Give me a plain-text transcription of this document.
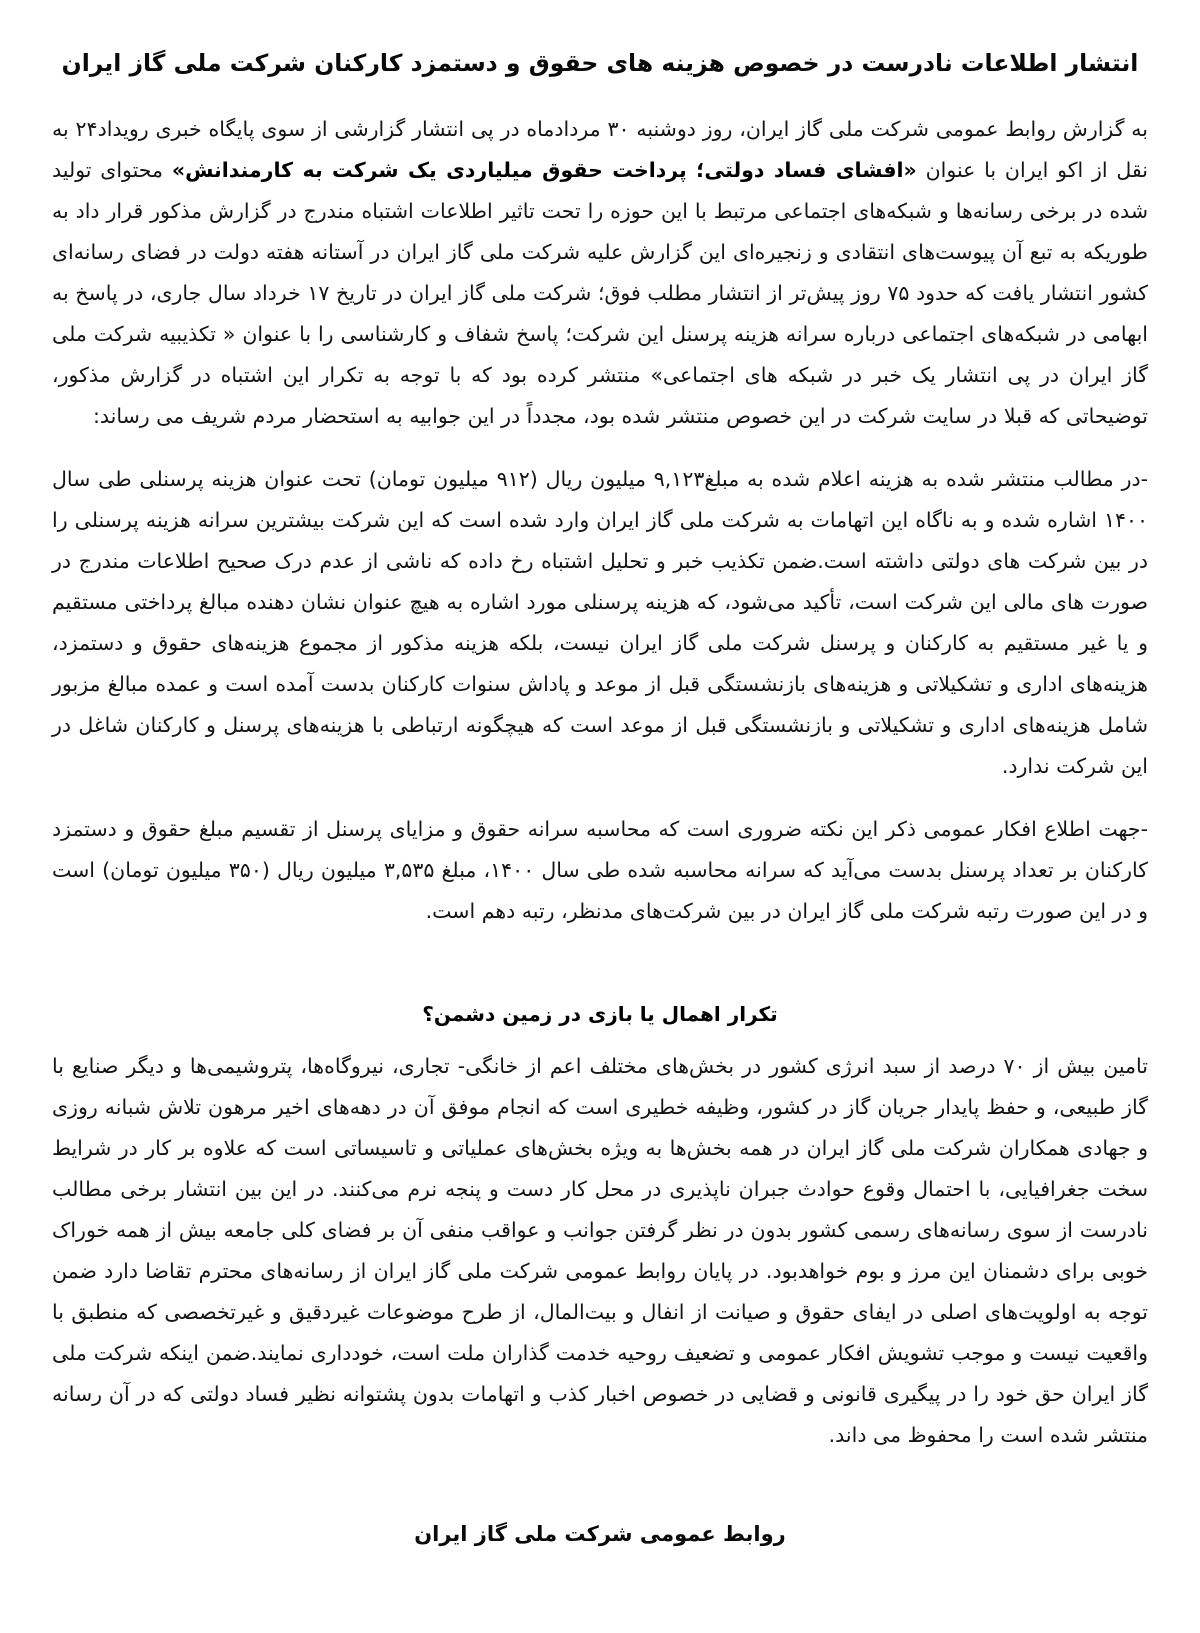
انتشار اطلاعات نادرست در خصوص هزینه های حقوق و دستمزد کارکنان شرکت ملی گاز ایران

به گزارش روابط عمومی شرکت ملی گاز ایران، روز دوشنبه ۳۰ مردادماه در پی انتشار گزارشی از سوی پایگاه خبری رویداد۲۴ به نقل از اکو ایران با عنوان «افشای فساد دولتی؛ پرداخت حقوق میلیاردی یک شرکت به کارمندانش» محتوای تولید شده در برخی رسانه‌ها و شبکه‌های اجتماعی مرتبط با این حوزه را تحت تاثیر اطلاعات اشتباه مندرج در گزارش مذکور قرار داد به طوریکه به تبع آن پیوست‌های انتقادی و زنجیره‌ای این گزارش علیه شرکت ملی گاز ایران در آستانه هفته دولت در فضای رسانه‌ای کشور انتشار یافت که حدود ۷۵ روز پیش‌تر از انتشار مطلب فوق؛ شرکت ملی گاز ایران در تاریخ ۱۷ خرداد سال جاری، در پاسخ به ابهامی در شبکه‌های اجتماعی درباره سرانه هزینه پرسنل این شرکت؛ پاسخ شفاف و کارشناسی را با عنوان « تکذیبیه شرکت ملی گاز ایران در پی انتشار یک خبر در شبکه های اجتماعی» منتشر کرده بود که با توجه به تکرار این اشتباه در گزارش مذکور، توضیحاتی که قبلا در سایت شرکت در این خصوص منتشر شده بود، مجدداً در این جوابیه به استحضار مردم شریف می رساند:

-در مطالب منتشر شده به هزینه اعلام شده به مبلغ۹,۱۲۳ میلیون ریال (۹۱۲ میلیون تومان) تحت عنوان هزینه پرسنلی طی سال ۱۴۰۰ اشاره شده و به ناگاه این اتهامات به شرکت ملی گاز ایران وارد شده است که این شرکت بیشترین سرانه هزینه پرسنلی را در بین شرکت های دولتی داشته است.ضمن تکذیب خبر و تحلیل اشتباه رخ داده که ناشی از عدم درک صحیح اطلاعات مندرج در صورت های مالی این شرکت است، تأکید می‌شود، که هزینه پرسنلی مورد اشاره به هیچ عنوان نشان دهنده مبالغ پرداختی مستقیم و یا غیر مستقیم به کارکنان و پرسنل شرکت ملی گاز ایران نیست، بلکه هزینه مذکور از مجموع هزینه‌های حقوق و دستمزد، هزینه‌های اداری و تشکیلاتی و هزینه‌های بازنشستگی قبل از موعد و پاداش سنوات کارکنان بدست آمده است و عمده مبالغ مزبور شامل هزینه‌های اداری و تشکیلاتی و بازنشستگی قبل از موعد است که هیچگونه ارتباطی با هزینه‌های پرسنل و کارکنان شاغل در این شرکت ندارد.

-جهت اطلاع افکار عمومی ذکر این نکته ضروری است که محاسبه سرانه حقوق و مزایای پرسنل از تقسیم مبلغ حقوق و دستمزد کارکنان بر تعداد پرسنل بدست می‌آید که سرانه محاسبه شده طی سال ۱۴۰۰، مبلغ ۳,۵۳۵ میلیون ریال (۳۵۰ میلیون تومان) است و در این صورت رتبه شرکت ملی گاز ایران در بین شرکت‌های مدنظر، رتبه دهم است.

تکرار اهمال یا بازی در زمین دشمن؟

تامین بیش از ۷۰ درصد از سبد انرژی کشور در بخش‌های مختلف اعم از خانگی- تجاری، نیروگاه‌ها، پتروشیمی‌ها و دیگر صنایع با گاز طبیعی، و حفظ پایدار جریان گاز در کشور، وظیفه خطیری است که انجام موفق آن در دهه‌های اخیر مرهون تلاش شبانه روزی و جهادی همکاران شرکت ملی گاز ایران در همه بخش‌ها به ویژه بخش‌های عملیاتی و تاسیساتی است که علاوه بر کار در شرایط سخت جغرافیایی، با احتمال وقوع حوادث جبران ناپذیری در محل کار دست و پنجه نرم می‌کنند. در این بین انتشار برخی مطالب نادرست از سوی رسانه‌های رسمی کشور بدون در نظر گرفتن جوانب و عواقب منفی آن بر فضای کلی جامعه بیش از همه خوراک خوبی برای دشمنان این مرز و بوم خواهدبود. در پایان روابط عمومی شرکت ملی گاز ایران از رسانه‌های محترم تقاضا دارد ضمن توجه به اولویت‌های اصلی در ایفای حقوق و صیانت از انفال و بیت‌المال، از طرح موضوعات غیردقیق و غیرتخصصی که منطبق با واقعیت نیست و موجب تشویش افکار عمومی و تضعیف روحیه خدمت گذاران ملت است، خودداری نمایند.ضمن اینکه شرکت ملی گاز ایران حق خود را در پیگیری قانونی و قضایی در خصوص اخبار کذب و اتهامات بدون پشتوانه نظیر فساد دولتی که در آن رسانه منتشر شده است را محفوظ می داند.

روابط عمومی شرکت ملی گاز ایران
